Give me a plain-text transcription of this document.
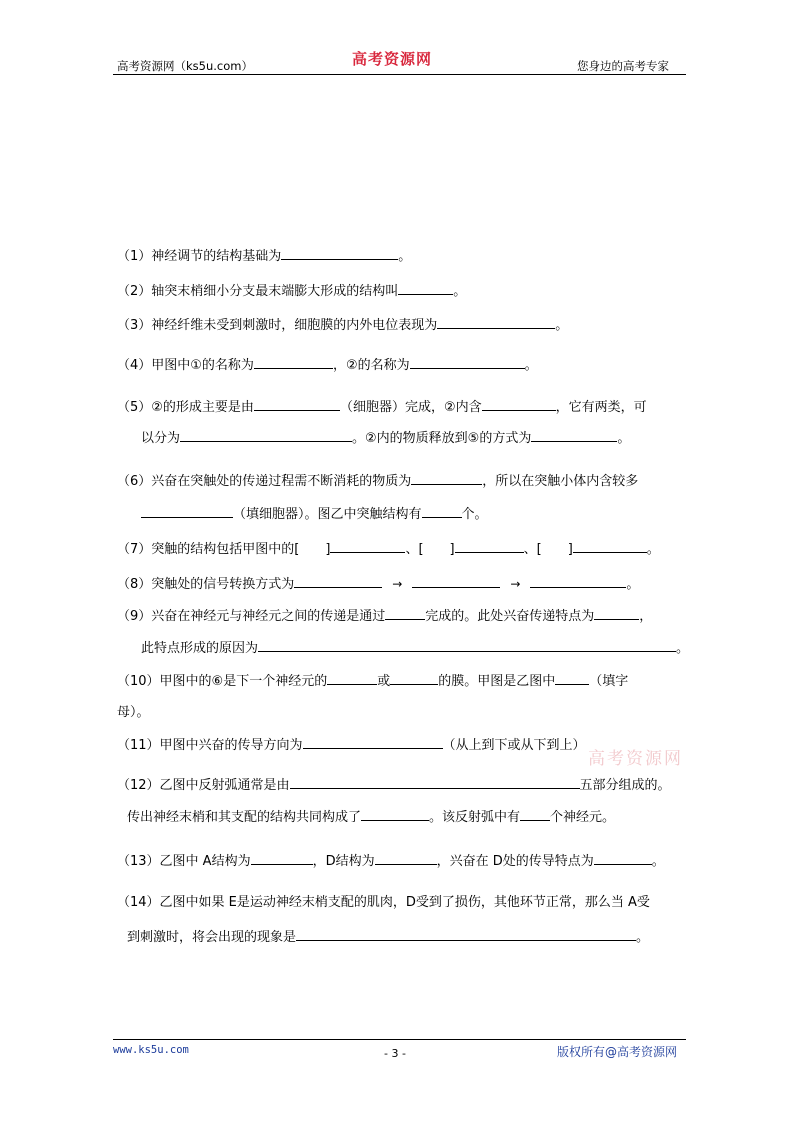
高考资源网（ks5u.com）	高考资源网	您身边的高考专家
（1）神经调节的结构基础为	。
（2）轴突末梢细小分支最末端膨大形成的结构叫	。
（3）神经纤维未受到刺激时，细胞膜的内外电位表现为	。
（4）甲图中①的名称为	，②的名称为	。
（5）②的形成主要是由	（细胞器）完成，②内含	，它有两类，可
以分为	。②内的物质释放到⑤的方式为	。
（6）兴奋在突触处的传递过程需不断消耗的物质为	，所以在突触小体内含较多
（填细胞器）。图乙中突触结构有	个。
（7）突触的结构包括甲图中的[ ]	、[ ]	、[ ]	。
（8）突触处的信号转换方式为	→	→	。
（9）兴奋在神经元与神经元之间的传递是通过	完成的。此处兴奋传递特点为	，
此特点形成的原因为	。
（10）甲图中的⑥是下一个神经元的	或	的膜。甲图是乙图中	（填字
母）。
（11）甲图中兴奋的传导方向为	（从上到下或从下到上）
高考资源网
（12）乙图中反射弧通常是由	五部分组成的。
传出神经末梢和其支配的结构共同构成了	。该反射弧中有 个神经元。
（13）乙图中 A结构为	，D结构为	，兴奋在 D处的传导特点为	。
（14）乙图中如果 E是运动神经末梢支配的肌肉，D受到了损伤，其他环节正常，那么当 A受
到刺激时，将会出现的现象是	。
www.ks5u.com	- 3 -	版权所有@高考资源网
